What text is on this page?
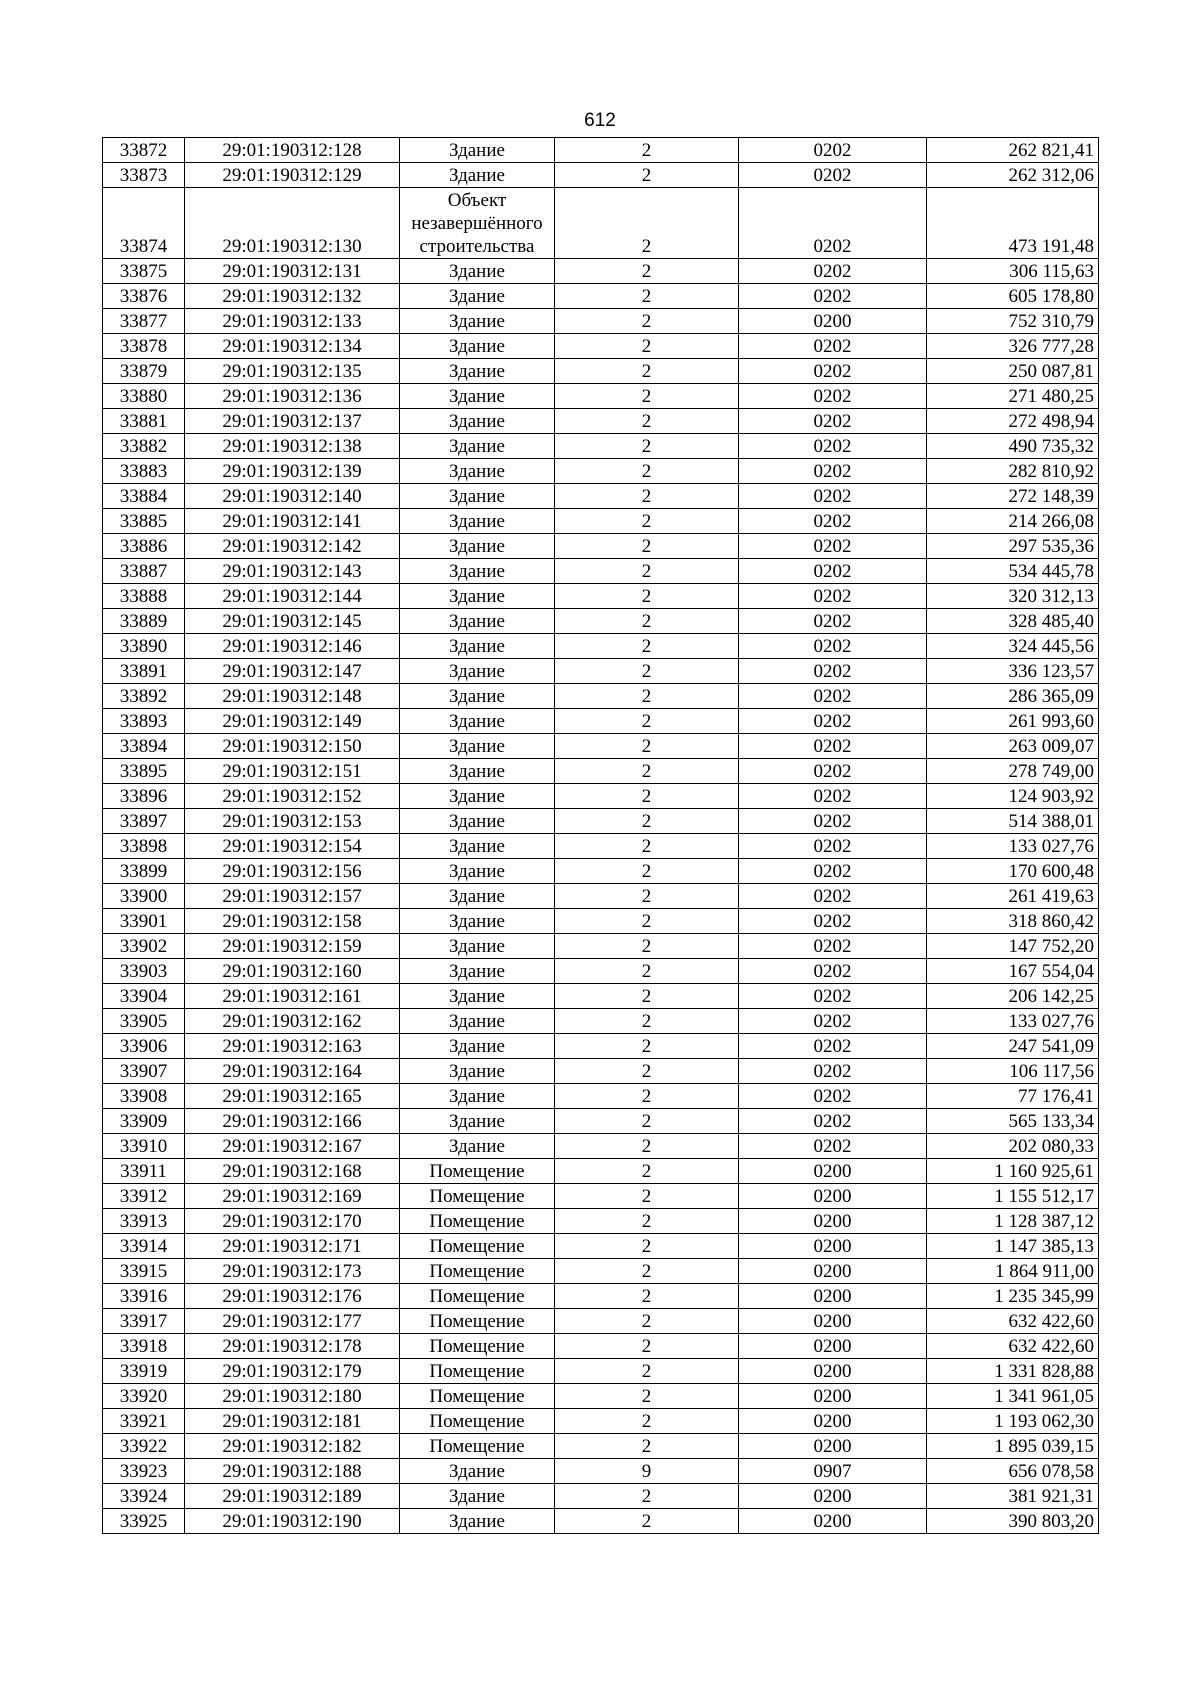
612
33872	29:01:190312:128	Здание	2	0202	262 821,41
33873	29:01:190312:129	Здание	2	0202	262 312,06
33874	29:01:190312:130	Объект незавершённого строительства	2	0202	473 191,48
33875	29:01:190312:131	Здание	2	0202	306 115,63
33876	29:01:190312:132	Здание	2	0202	605 178,80
33877	29:01:190312:133	Здание	2	0200	752 310,79
33878	29:01:190312:134	Здание	2	0202	326 777,28
33879	29:01:190312:135	Здание	2	0202	250 087,81
33880	29:01:190312:136	Здание	2	0202	271 480,25
33881	29:01:190312:137	Здание	2	0202	272 498,94
33882	29:01:190312:138	Здание	2	0202	490 735,32
33883	29:01:190312:139	Здание	2	0202	282 810,92
33884	29:01:190312:140	Здание	2	0202	272 148,39
33885	29:01:190312:141	Здание	2	0202	214 266,08
33886	29:01:190312:142	Здание	2	0202	297 535,36
33887	29:01:190312:143	Здание	2	0202	534 445,78
33888	29:01:190312:144	Здание	2	0202	320 312,13
33889	29:01:190312:145	Здание	2	0202	328 485,40
33890	29:01:190312:146	Здание	2	0202	324 445,56
33891	29:01:190312:147	Здание	2	0202	336 123,57
33892	29:01:190312:148	Здание	2	0202	286 365,09
33893	29:01:190312:149	Здание	2	0202	261 993,60
33894	29:01:190312:150	Здание	2	0202	263 009,07
33895	29:01:190312:151	Здание	2	0202	278 749,00
33896	29:01:190312:152	Здание	2	0202	124 903,92
33897	29:01:190312:153	Здание	2	0202	514 388,01
33898	29:01:190312:154	Здание	2	0202	133 027,76
33899	29:01:190312:156	Здание	2	0202	170 600,48
33900	29:01:190312:157	Здание	2	0202	261 419,63
33901	29:01:190312:158	Здание	2	0202	318 860,42
33902	29:01:190312:159	Здание	2	0202	147 752,20
33903	29:01:190312:160	Здание	2	0202	167 554,04
33904	29:01:190312:161	Здание	2	0202	206 142,25
33905	29:01:190312:162	Здание	2	0202	133 027,76
33906	29:01:190312:163	Здание	2	0202	247 541,09
33907	29:01:190312:164	Здание	2	0202	106 117,56
33908	29:01:190312:165	Здание	2	0202	77 176,41
33909	29:01:190312:166	Здание	2	0202	565 133,34
33910	29:01:190312:167	Здание	2	0202	202 080,33
33911	29:01:190312:168	Помещение	2	0200	1 160 925,61
33912	29:01:190312:169	Помещение	2	0200	1 155 512,17
33913	29:01:190312:170	Помещение	2	0200	1 128 387,12
33914	29:01:190312:171	Помещение	2	0200	1 147 385,13
33915	29:01:190312:173	Помещение	2	0200	1 864 911,00
33916	29:01:190312:176	Помещение	2	0200	1 235 345,99
33917	29:01:190312:177	Помещение	2	0200	632 422,60
33918	29:01:190312:178	Помещение	2	0200	632 422,60
33919	29:01:190312:179	Помещение	2	0200	1 331 828,88
33920	29:01:190312:180	Помещение	2	0200	1 341 961,05
33921	29:01:190312:181	Помещение	2	0200	1 193 062,30
33922	29:01:190312:182	Помещение	2	0200	1 895 039,15
33923	29:01:190312:188	Здание	9	0907	656 078,58
33924	29:01:190312:189	Здание	2	0200	381 921,31
33925	29:01:190312:190	Здание	2	0200	390 803,20
